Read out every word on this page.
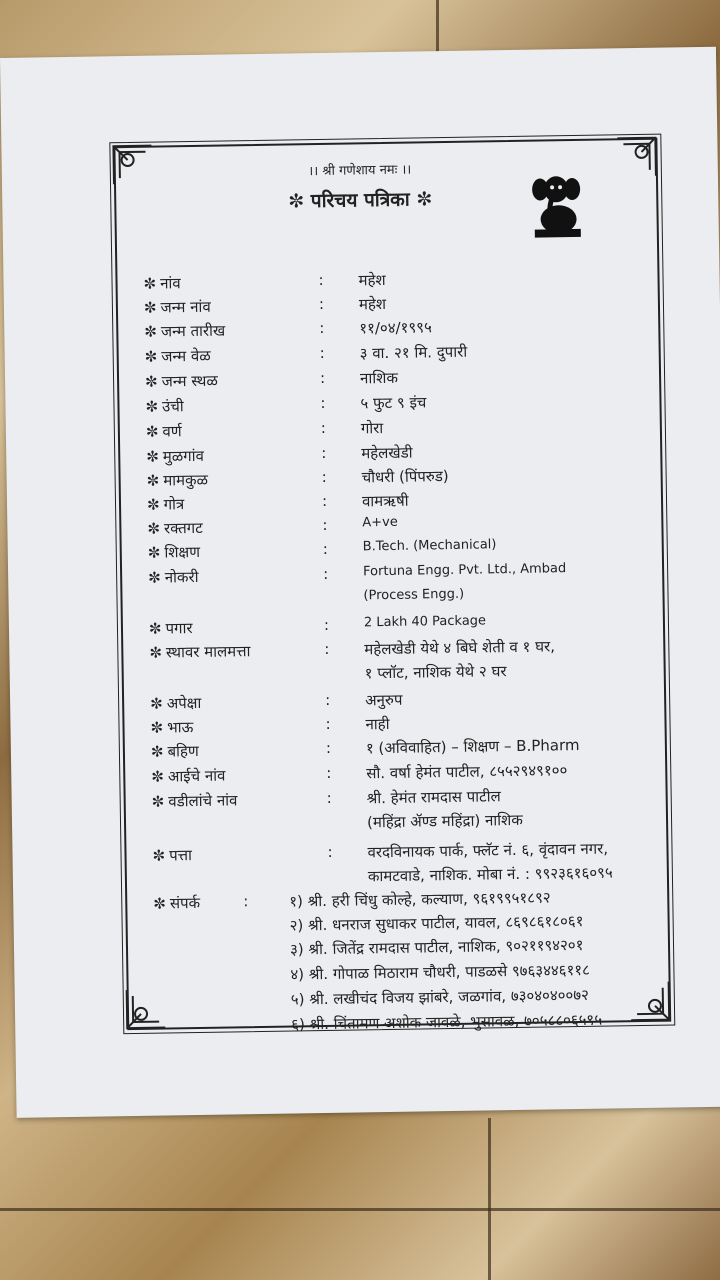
।। श्री गणेशाय नमः ।।
✼ परिचय पत्रिका ✼
✼ नांव	: महेश
✼ जन्म नांव	: महेश
✼ जन्म तारीख	: ११/०४/१९९५
✼ जन्म वेळ	: ३ वा. २१ मि. दुपारी
✼ जन्म स्थळ	: नाशिक
✼ उंची	: ५ फुट ९ इंच
✼ वर्ण	: गोरा
✼ मुळगांव	: महेलखेडी
✼ मामकुळ	: चौधरी (पिंपरुड)
✼ गोत्र	: वामऋषी
✼ रक्तगट	:	A+ve
✼ शिक्षण	:	B.Tech. (Mechanical)
✼ नोकरी	:	Fortuna Engg. Pvt. Ltd., Ambad
(Process Engg.)
✼ पगार	:	2 Lakh 40 Package
✼ स्थावर मालमत्ता	: महेलखेडी येथे ४ बिघे शेती व १ घर,
१ प्लॉट, नाशिक येथे २ घर
✼ अपेक्षा	: अनुरुप
✼ भाऊ	: नाही
✼ बहिण	: १ (अविवाहित) – शिक्षण – B.Pharm
✼ आईचे नांव	: सौ. वर्षा हेमंत पाटील, ८५५२९४९१००
✼ वडीलांचे नांव	: श्री. हेमंत रामदास पाटील
(महिंद्रा ॲण्ड महिंद्रा) नाशिक
✼ पत्ता	: वरदविनायक पार्क, फ्लॅट नं. ६, वृंदावन नगर,
कामटवाडे, नाशिक. मोबा नं. : ९९२३६१६०९५
✼ संपर्क	:	१) श्री. हरी चिंधु कोल्हे, कल्याण, ९६१९९५१८९२
२) श्री. धनराज सुधाकर पाटील, यावल, ८६९८६१८०६१
३) श्री. जितेंद्र रामदास पाटील, नाशिक, ९०२११९४२०१
४) श्री. गोपाळ मिठाराम चौधरी, पाडळसे ९७६३४४६११८
५) श्री. लखीचंद विजय झांबरे, जळगांव, ७३०४०४००७२
६) श्री. चिंतामण अशोक जावळे, भुसावळ, ७०५८८०६५९५
